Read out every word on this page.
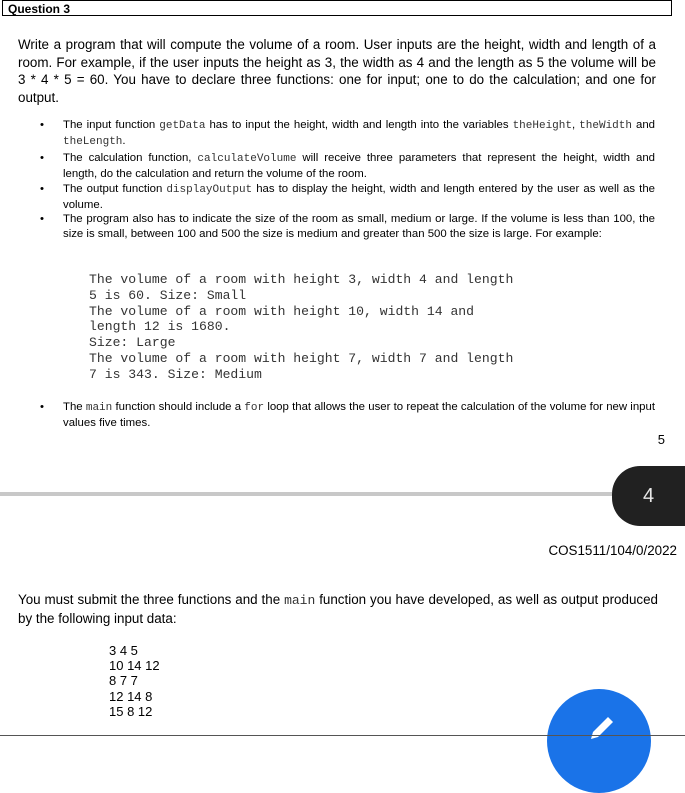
Question 3

Write a program that will compute the volume of a room. User inputs are the height, width and length of a room. For example, if the user inputs the height as 3, the width as 4 and the length as 5 the volume will be 3 * 4 * 5 = 60. You have to declare three functions: one for input; one to do the calculation; and one for output.

• The input function getData has to input the height, width and length into the variables theHeight, theWidth and theLength.
• The calculation function, calculateVolume will receive three parameters that represent the height, width and length, do the calculation and return the volume of the room.
• The output function displayOutput has to display the height, width and length entered by the user as well as the volume.
• The program also has to indicate the size of the room as small, medium or large. If the volume is less than 100, the size is small, between 100 and 500 the size is medium and greater than 500 the size is large. For example:
• The main function should include a for loop that allows the user to repeat the calculation of the volume for new input values five times.
The volume of a room with height 3, width 4 and length
5 is 60. Size: Small
The volume of a room with height 10, width 14 and
length 12 is 1680.
Size: Large
The volume of a room with height 7, width 7 and length
7 is 343. Size: Medium
5
4
COS1511/104/0/2022

You must submit the three functions and the main function you have developed, as well as output produced by the following input data:

3 4 5
10 14 12
8 7 7
12 14 8
15 8 12
